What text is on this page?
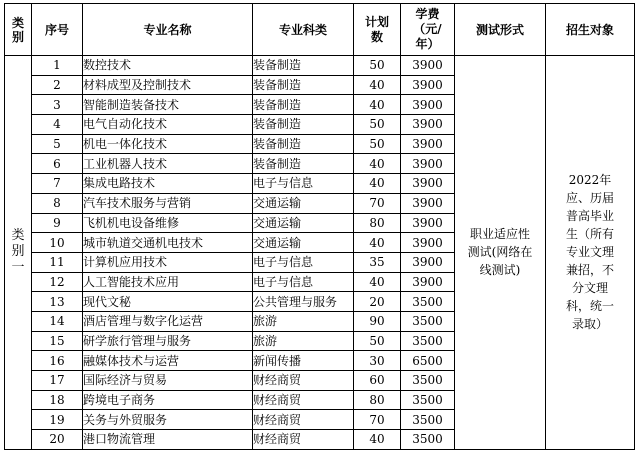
类别	序号	专业名称	专业科类	计划数	学费（元/年）	测试形式	招生对象
类别一	1	数控技术	装备制造	50	3900	职业适应性测试(网络在线测试)	2022年应、历届普高毕业生（所有专业文理兼招，不分文理科，统一录取）
	2	材料成型及控制技术	装备制造	40	3900		
	3	智能制造装备技术	装备制造	40	3900		
	4	电气自动化技术	装备制造	50	3900		
	5	机电一体化技术	装备制造	50	3900		
	6	工业机器人技术	装备制造	40	3900		
	7	集成电路技术	电子与信息	40	3900		
	8	汽车技术服务与营销	交通运输	70	3900		
	9	飞机机电设备维修	交通运输	80	3900		
	10	城市轨道交通机电技术	交通运输	40	3900		
	11	计算机应用技术	电子与信息	35	3900		
	12	人工智能技术应用	电子与信息	40	3900		
	13	现代文秘	公共管理与服务	20	3500		
	14	酒店管理与数字化运营	旅游	90	3500		
	15	研学旅行管理与服务	旅游	50	3500		
	16	融媒体技术与运营	新闻传播	30	6500		
	17	国际经济与贸易	财经商贸	60	3500		
	18	跨境电子商务	财经商贸	80	3500		
	19	关务与外贸服务	财经商贸	70	3500		
	20	港口物流管理	财经商贸	40	3500		
